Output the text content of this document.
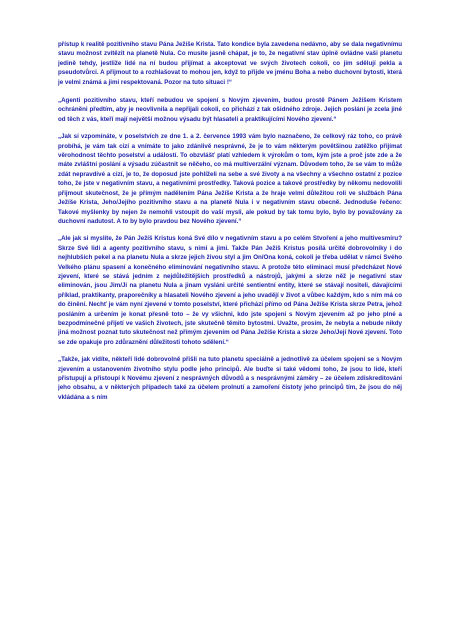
přístup k realitě pozitivního stavu Pána Ježíše Krista. Tato kondice byla zavedena nedávno, aby se dala negativnímu stavu možnost zvítězit na planetě Nula. Co musíte jasně chápat, je to, že negativní stav úplně ovládne vaši planetu jedině tehdy, jestliže lidé na ní budou přijímat a akceptovat ve svých životech cokoli, co jim sdělují pekla a pseudotvůrci. A přijmout to a rozhlašovat to mohou jen, když to přijde ve jménu Boha a nebo duchovní bytosti, která je velmi známá a jimi respektovaná. Pozor na tuto situaci !“

„Agenti pozitivního stavu, kteří nebudou ve spojení s Novým zjevením, budou prostě Pánem Ježíšem Kristem ochráněni předtím, aby je neovlivnila a nepřijali cokoli, co přichází z tak ošidného zdroje. Jejich poslání je zcela jiné od těch z vás, kteří mají největší možnou výsadu být hlasateli a praktikujícími Nového zjevení.“

„Jak si vzpomínáte, v poselstvích ze dne 1. a 2. července 1993 vám bylo naznačeno, že celkový ráz toho, co právě probíhá, je vám tak cizí a vnímáte to jako zdánlivě nesprávné, že je to vám některým povětšinou zatěžko přijímat věrohodnost těchto poselství a událostí. To obzvlášť platí vzhledem k výrokům o tom, kým jste a proč jste zde a že máte zvláštní poslání a výsadu zúčastnit se něčeho, co má multiverzální význam. Důvodem toho, že se vám to může zdát nepravdivé a cizí, je to, že doposud jste pohlíželi na sebe a své životy a na všechny a všechno ostatní z pozice toho, že jste v negativním stavu, a negativními prostředky. Taková pozice a takové prostředky by někomu nedovolili přijmout skutečnost, že je přímým nadělením Pána Ježíše Krista a že hraje velmi důležitou roli ve službách Pána Ježíše Krista, Jeho/Jejího pozitivního stavu a na planetě Nula i v negativním stavu obecně. Jednoduše řečeno: Takové myšlenky by nejen že nemohli vstoupit do vaší mysli, ale pokud by tak tomu bylo, bylo by považovány za duchovní nadutost. A to by bylo pravdou bez Nového zjevení.“

„Ale jak si myslíte, že Pán Ježíš Kristus koná Své dílo v negativním stavu a po celém Stvoření a jeho multivesmíru? Skrze Své lidi a agenty pozitivního stavu, s nimi a jimi. Takže Pán Ježíš Kristus posílá určité dobrovolníky i do nejhlubších pekel a na planetu Nula a skrze jejich živou styl a jim On/Ona koná, cokoli je třeba udělat v rámci Svého Velkého plánu spasení a konečného eliminování negativního stavu. A protože této eliminaci musí předcházet Nové zjevení, které se stává jedním z nejdůležitějších prostředků a nástrojů, jakými a skrze něž je negativní stav eliminován, jsou Jim/Ji na planetu Nula a jinam vysláni určité sentientní entity, které se stávají nositeli, dávajícími příklad, praktikanty, praporečníky a hlasateli Nového zjevení a jeho uvadějí v život a vůbec každým, kdo s ním má co do činění. Nechť je vám nyní zjevené v tomto poselství, které přichází přímo od Pána Ježíše Krista skrze Petra, jehož posláním a určením je konat přesně toto – že vy všichni, kdo jste spojeni s Novým zjevením až po jeho plné a bezpodmínečné přijetí ve vašich životech, jste skutečně těmito bytostmi. Uvažte, prosím, že nebyla a nebude nikdy jiná možnost poznat tuto skutečnost než přímým zjevením od Pána Ježíše Krista a skrze Jeho/Její Nové zjevení. Toto se zde opakuje pro zdůraznění důležitosti tohoto sdělení.“

„Takže, jak vidíte, někteří lidé dobrovolně přišli na tuto planetu speciálně a jednotlivě za účelem spojení se s Novým zjevením a ustanovením životního stylu podle jeho principů. Ale buďte si také vědomi toho, že jsou to lidé, kteří přistupují a přistoupí k Novému zjevení z nesprávných důvodů a s nesprávnými záměry – ze účelem zdiskreditování jeho obsahu, a v některých případech také za účelem prolnutí a zamoření čistoty jeho principů tím, že jsou do něj vkládána a s ním
